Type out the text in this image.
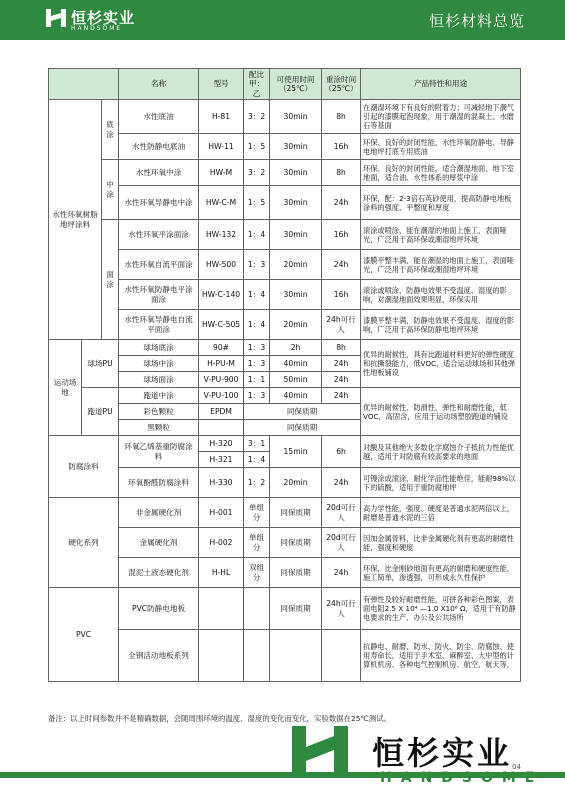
恒杉实业
HANDSOME	恒杉材料总览
			名称	型号	配比 甲：乙	可使用时间（25℃）	重涂时间（25℃）	产品特性和用途
水性环氧树脂地坪涂料		底涂	水性底油	H-81	3：2	30min	8h	在潮湿环境下有良好的附着力；可减轻地下潮气引起的漆膜起泡现象，用于潮湿的混凝土、水磨石等基面
			水性防静电底油	HW-11	1：5	30min	16h	环保、良好的封闭性能，水性环氧防静电、导静电地坪打底专用底油
		中涂	水性环氧中涂	HW-M	3：2	30min	8h	环保、良好的封闭性能，适合潮湿地面、地下室地面，适合油、水性体系的厚浆中涂
			水性环氧导静电中涂	HW-C-M	1：5	30min	24h	环保，配：2-3倍石英砂使用，提高防静电地板涂料的强度、平整度和厚度
		面涂	水性环氧平涂面涂	HW-132	1：4	30min	16h	滚涂或喷涂，能在潮湿的地面上施工，表面哑光，广泛用于高环保或潮湿地坪环境
			水性环氧自流平面涂	HW-500	1：3	20min	24h	漆膜平整丰满，能在潮湿的地面上施工，表面哑光，广泛用于高环保或潮湿地坪环境
			水性环氧防静电平涂面涂	HW-C-140	1：4	30min	16h	滚涂或喷涂，防静电效果不受温度、湿度的影响，对潮湿地面效果明显，环保实用
			水性环氧导静电自流平面涂	HW-C-505	1：4	20min	24h可行人	漆膜平整丰满，防静电效果不受温度、湿度的影响，广泛用于高环保防静电地坪环境
运动场地	球场PU		球场底涂	90#	1：3	2h	8h	优异的耐候性，具有比跑道材料更好的弹性硬度和抗撕裂能力，低VOC，适合运动球场和其他弹性地板铺设
			球场中涂	H-PU-M	1：3	40min	24h	
			球场面涂	V-PU-900	1：1	50min	24h	
	跑道PU		跑道中涂	V-PU-100	1：3	40min	24h	优异的耐候性、防滑性、弹性和耐磨性能，低VOC，高固含，应用于运动场塑胶跑道的铺设
			彩色颗粒	EPDM	同保质期			
			黑颗粒		同保质期			
防腐涂料			环氧乙烯基重防腐涂料	H-320	3：1	15min	6h	对酸及其他绝大多数化学腐蚀介子抵抗力性能优越，适用于对防腐有较高要求的地面
				H-321	1：4			
			环氧酚醛防腐涂料	H-330	1：2	20min	24h	可镘涂或滚涂，耐化学品性能绝佳，能耐98%以下的硫酸，适用于重防腐地坪
硬化系列			非金属硬化剂	H-001	单组分	同保质期	20d可行人	高力学性能，强度、硬度是普通水泥两倍以上，耐磨是普通水泥的三倍
			金属硬化剂	H-002	单组分	同保质期	20d可行人	因加金属骨料，比非金属硬化剂有更高的耐磨性能，强度和硬度
			混泥土液态硬化剂	H-HL	双组分	同保质期	24h	环保，比金刚砂地面有更高的耐磨和硬度性能，施工简单，渗透强，可形成永久性保护
PVC			PVC防静电地板			同保质期	24h可行人	有弹性及较好耐磨性能，可拼各种彩色图案，表面电阻2.5 X 10⁴ —1.0 X10⁶ Ω，适用于有防静电要求的生产、办公及公共场所
			全钢活动地板系列					抗静电、耐磨、防水、防火、防尘、防腐蚀、使用寿命长，适用于手术室、麻醉室、大中型的计算机机房、各种电气控制机房、航空、航天等。
备注：以上时间参数并不是精确数据，会随周围环境的温度、湿度的变化而变化，实验数据在25℃测试。
恒杉实业
HANDSOME
04
